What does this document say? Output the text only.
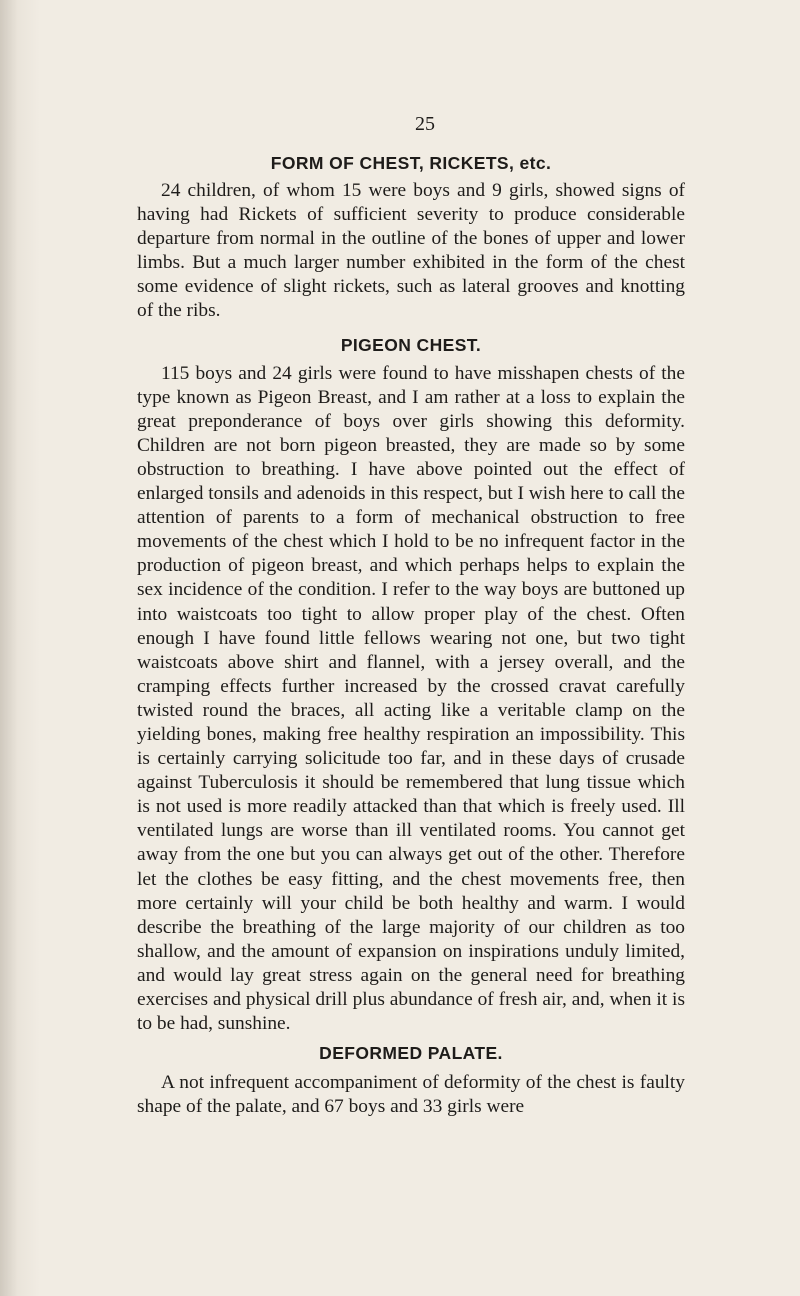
25
FORM OF CHEST, RICKETS, etc.

24 children, of whom 15 were boys and 9 girls, showed signs of having had Rickets of sufficient severity to produce considerable departure from normal in the outline of the bones of upper and lower limbs. But a much larger number exhibited in the form of the chest some evidence of slight rickets, such as lateral grooves and knotting of the ribs.

PIGEON CHEST.

115 boys and 24 girls were found to have misshapen chests of the type known as Pigeon Breast, and I am rather at a loss to explain the great preponderance of boys over girls showing this deformity. Children are not born pigeon breasted, they are made so by some obstruction to breathing. I have above pointed out the effect of enlarged tonsils and adenoids in this respect, but I wish here to call the attention of parents to a form of mechanical obstruction to free movements of the chest which I hold to be no infrequent factor in the production of pigeon breast, and which perhaps helps to explain the sex incidence of the condition. I refer to the way boys are buttoned up into waistcoats too tight to allow proper play of the chest. Often enough I have found little fellows wearing not one, but two tight waistcoats above shirt and flannel, with a jersey overall, and the cramping effects further increased by the crossed cravat carefully twisted round the braces, all acting like a veritable clamp on the yielding bones, making free healthy respiration an impossibility. This is certainly carrying solicitude too far, and in these days of crusade against Tuberculosis it should be remembered that lung tissue which is not used is more readily attacked than that which is freely used. Ill ventilated lungs are worse than ill ventilated rooms. You cannot get away from the one but you can always get out of the other. Therefore let the clothes be easy fitting, and the chest movements free, then more certainly will your child be both healthy and warm. I would describe the breathing of the large majority of our children as too shallow, and the amount of expansion on inspirations unduly limited, and would lay great stress again on the general need for breathing exercises and physical drill plus abundance of fresh air, and, when it is to be had, sunshine.

DEFORMED PALATE.

A not infrequent accompaniment of deformity of the chest is faulty shape of the palate, and 67 boys and 33 girls were
